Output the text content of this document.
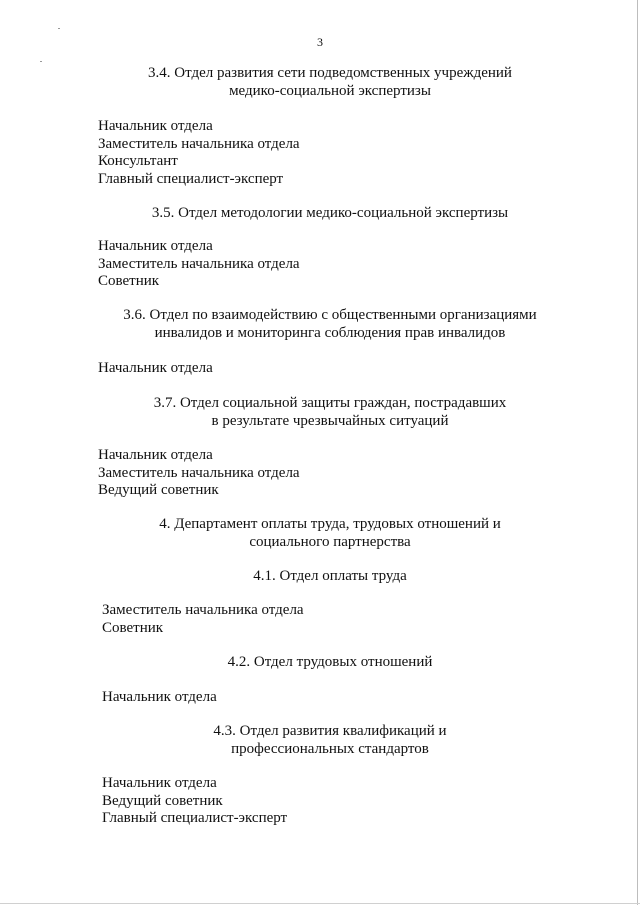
3
3.4. Отдел развития сети подведомственных учреждений
медико-социальной экспертизы
Начальник отдела
Заместитель начальника отдела
Консультант
Главный специалист-эксперт
3.5. Отдел методологии медико-социальной экспертизы
Начальник отдела
Заместитель начальника отдела
Советник
3.6. Отдел по взаимодействию с общественными организациями
инвалидов и мониторинга соблюдения прав инвалидов
Начальник отдела
3.7. Отдел социальной защиты граждан, пострадавших
в результате чрезвычайных ситуаций
Начальник отдела
Заместитель начальника отдела
Ведущий советник
4. Департамент оплаты труда, трудовых отношений и
социального партнерства
4.1. Отдел оплаты труда
Заместитель начальника отдела
Советник
4.2. Отдел трудовых отношений
Начальник отдела
4.3. Отдел развития квалификаций и
профессиональных стандартов
Начальник отдела
Ведущий советник
Главный специалист-эксперт
